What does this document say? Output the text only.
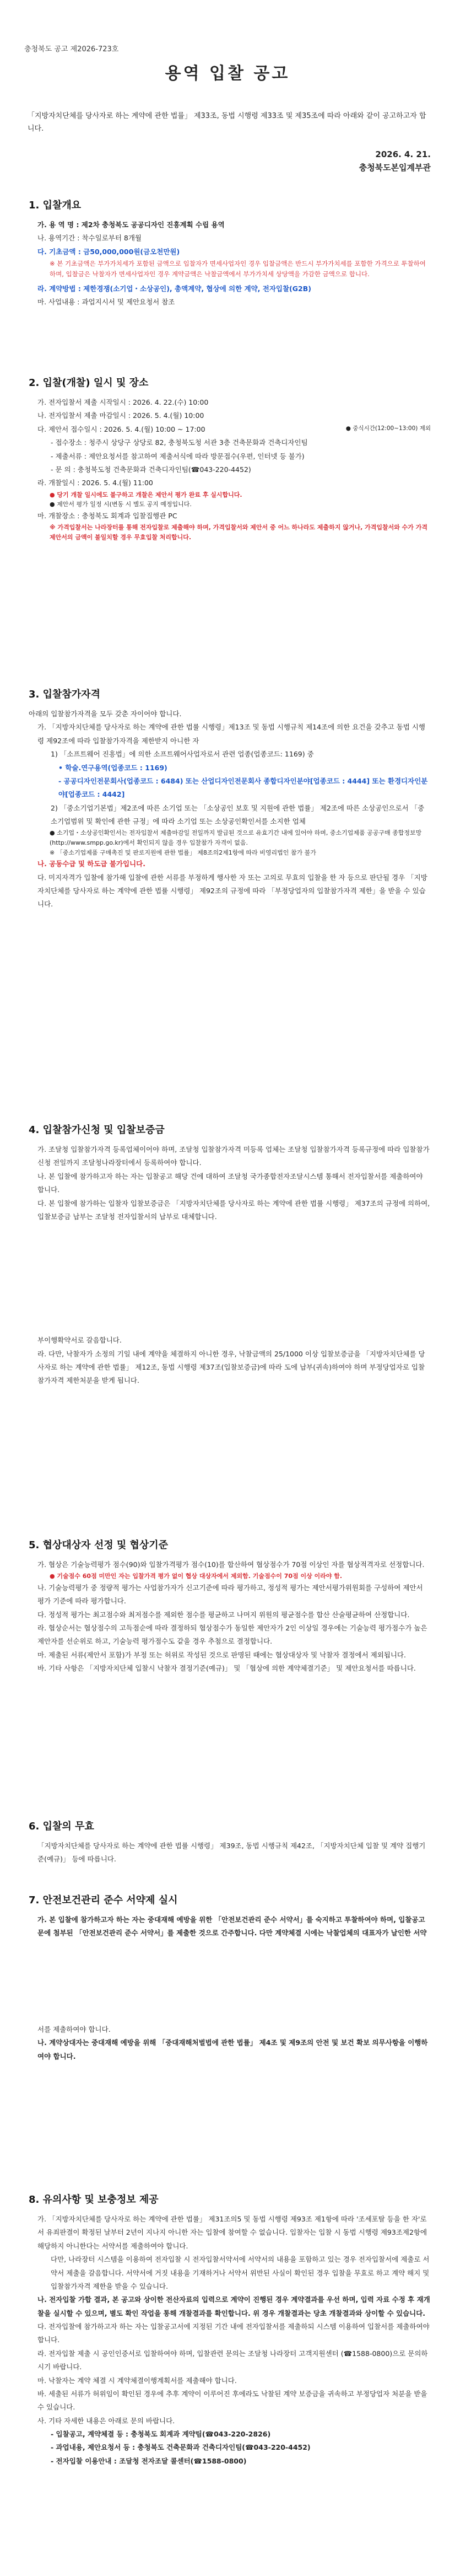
충청북도 공고 제2026-723호
용역 입찰 공고
「지방자치단체를 당사자로 하는 계약에 관한 법률」 제33조, 동법 시행령 제33조 및 제35조에 따라 아래와 같이 공고하고자 합니다.
2026. 4. 21.
충청북도본입계부관
1. 입찰개요
가. 용 역 명 : 제2차 충청북도 공공디자인 진흥계획 수립 용역
나. 용역기간 : 착수일로부터 8개월
다. 기초금액 : 금50,000,000원(금오천만원)
※ 본 기초금액은 부가가치세가 포함된 금액으로 입찰자가 면세사업자인 경우 입찰금액은 반드시 부가가치세를 포함한 가격으로 투찰하여 하며, 입찰금은 낙찰자가 면세사업자인 경우 계약금액은 낙찰금액에서 부가가치세 상당액을 가감한 금액으로 합니다.
라. 계약방법 : 제한경쟁(소기업・소상공인), 총액계약, 협상에 의한 계약, 전자입찰(G2B)
마. 사업내용 : 과업지시서 및 제안요청서 참조
2. 입찰(개찰) 일시 및 장소
가. 전자입찰서 제출 시작일시 : 2026. 4. 22.(수) 10:00
나. 전자입찰서 제출 마감일시 : 2026. 5. 4.(월) 10:00
다. 제안서 접수일시 : 2026. 5. 4.(월) 10:00 ~ 17:00	● 중식시간(12:00~13:00) 제외
- 접수장소 : 청주시 상당구 상당로 82, 충청북도청 서관 3층 건축문화과 건축디자인팀
- 제출서류 : 제안요청서를 참고하여 제출서식에 따라 방문접수(우편, 인터넷 등 불가)
- 문 의 : 충청북도청 건축문화과 건축디자인팀(☎043-220-4452)
라. 개찰일시 : 2026. 5. 4.(월) 11:00
● 당기 개찰 일시에도 불구하고 개찰은 제안서 평가 완료 후 실시합니다.
● 제안서 평가 일정 시(변동 시 별도 공지 예정입니다.
마. 개찰장소 : 충청북도 회계과 입찰집행관 PC
※ 가격입찰서는 나라장터를 통해 전자입찰로 제출해야 하며, 가격입찰서와 제안서 중 어느 하나라도 제출하지 않거나, 가격입찰서와 수가 가격제안서의 금액이 불일치할 경우 무효입찰 처리합니다.
3. 입찰참가자격
아래의 입찰참가자격을 모두 갖춘 자이어야 합니다.
가. 「지방자치단체를 당사자로 하는 계약에 관한 법률 시행령」제13조 및 동법 시행규칙 제14조에 의한 요건을 갖추고 동법 시행령 제92조에 따라 입찰참가자격을 제한받지 아니한 자
1) 「소프트웨어 진흥법」에 의한 소프트웨어사업자로서 관련 업종(업종코드: 1169) 중
• 학술.연구용역(업종코드 : 1169)
- 공공디자인전문회사(업종코드 : 6484) 또는 산업디자인전문회사 종합디자인분야[업종코드 : 4444] 또는 환경디자인분야[업종코드 : 4442]
2) 「중소기업기본법」제2조에 따른 소기업 또는 「소상공인 보호 및 지원에 관한 법률」 제2조에 따른 소상공인으로서 「중소기업범위 및 확인에 관한 규정」에 따라 소기업 또는 소상공인확인서를 소지한 업체
● 소기업・소상공인확인서는 전자입찰서 제출마감일 전일까지 발급된 것으로 유효기간 내에 있어야 하며, 중소기업제품 공공구매 종합정보망(http://www.smpp.go.kr)에서 확인되지 않을 경우 입찰참가 자격이 없음.
※ 「중소기업제품 구매촉진 및 판로지원에 관한 법률」 제8조의2제1항에 따라 비영리법인 참가 불가
나. 공동수급 및 하도급 불가입니다.
다. 미지자격가 입찰에 참가해 입찰에 관한 서류를 부정하게 행사한 자 또는 고의로 무효의 입찰을 한 자 등으로 판단될 경우 「지방자치단체를 당사자로 하는 계약에 관한 법률 시행령」 제92조의 규정에 따라 「부정당업자의 입찰참가자격 제한」을 받을 수 있습니다.
4. 입찰참가신청 및 입찰보증금
가. 조달청 입찰참가자격 등록업체이어야 하며, 조달청 입찰참가자격 미등록 업체는 조달청 입찰참가자격 등록규정에 따라 입찰참가신청 전일까지 조달청나라장터에서 등록하여야 합니다.
나. 본 입찰에 참가하고자 하는 자는 입찰공고 해당 건에 대하여 조달청 국가종합전자조달시스템 통해서 전자입찰서를 제출하여야 합니다.
다. 본 입찰에 참가하는 입찰자 입찰보증금은 「지방자치단체를 당사자로 하는 계약에 관한 법률 시행령」 제37조의 규정에 의하여, 입찰보증금 납부는 조달청 전자입찰서의 납부로 대체합니다.
부이행확약서로 갈음합니다.
라. 다만, 낙찰자가 소정의 기일 내에 계약을 체결하지 아니한 경우, 낙찰금액의 25/1000 이상 입찰보증금을 「지방자치단체를 당사자로 하는 계약에 관한 법률」 제12조, 동법 시행령 제37조(입찰보증금)에 따라 도에 납부(귀속)하여야 하며 부정당업자로 입찰참가자격 제한처분을 받게 됩니다.
5. 협상대상자 선정 및 협상기준
가. 협상은 기술능력평가 점수(90)와 입찰가격평가 점수(10)를 합산하여 협상점수가 70점 이상인 자를 협상적격자로 선정합니다.
● 기술점수 60점 미만인 자는 입찰가격 평가 없이 협상 대상자에서 제외함. 기술점수이 70점 이상 이라야 함.
나. 기술능력평가 중 정량적 평가는 사업참가자가 신고기준에 따라 평가하고, 정성적 평가는 제안서평가위원회를 구성하여 제안서 평가 기준에 따라 평가합니다.
다. 정성적 평가는 최고점수와 최저점수를 제외한 점수를 평균하고 나머지 위원의 평균점수를 합산 산술평균하여 산정합니다.
라. 협상순서는 협상점수의 고득점순에 따라 결정하되 협상점수가 동일한 제안자가 2인 이상일 경우에는 기술능력 평가점수가 높은 제안자를 선순위로 하고, 기술능력 평가점수도 같을 경우 추첨으로 결정합니다.
마. 제출된 서류(제안서 포함)가 부정 또는 허위로 작성된 것으로 판명된 때에는 협상대상자 및 낙찰자 결정에서 제외됩니다.
바. 기타 사항은 「지방자치단체 입찰시 낙찰자 결정기준(예규)」 및 「협상에 의한 계약체결기준」 및 제안요청서를 따릅니다.
6. 입찰의 무효
「지방자치단체를 당사자로 하는 계약에 관한 법률 시행령」 제39조, 동법 시행규칙 제42조, 「지방자치단체 입찰 및 계약 집행기준(예규)」 등에 따릅니다.
7. 안전보건관리 준수 서약제 실시
가. 본 입찰에 참가하고자 하는 자는 중대재해 예방을 위한 「안전보건관리 준수 서약서」를 숙지하고 투찰하여야 하며, 입찰공고문에 첨부된 「안전보건관리 준수 서약서」를 제출한 것으로 간주합니다. 다만 계약체결 시에는 낙찰업체의 대표자가 날인한 서약
서를 제출하여야 합니다.
나. 계약상대자는 중대재해 예방을 위해 「중대재해처벌법에 관한 법률」 제4조 및 제9조의 안전 및 보건 확보 의무사항을 이행하여야 합니다.
8. 유의사항 및 보충정보 제공
가. 「지방자치단체를 당사자로 하는 계약에 관한 법률」 제31조의5 및 동법 시행령 제93조 제1항에 따라 '조세포탈 등을 한 자'로서 유죄판결이 확정된 날부터 2년이 지나지 아니한 자는 입찰에 참여할 수 없습니다. 입찰자는 입찰 시 동법 시행령 제93조제2항에 해당하지 아니한다는 서약서를 제출하여야 합니다.
다만, 나라장터 시스템을 이용하여 전자입찰 시 전자입찰서약서에 서약서의 내용을 포함하고 있는 경우 전자입찰서에 제출로 서약서 제출을 갈음합니다. 서약서에 거짓 내용을 기재하거나 서약서 위반된 사실이 확인된 경우 입찰을 무효로 하고 계약 해지 및 입찰참가자격 제한을 받을 수 있습니다.
나. 전자입찰 가합 결과, 본 공고와 상이한 전산자료의 입력으로 계약이 진행된 경우 계약결과를 우선 하며, 입력 자료 수정 후 재개찰을 실시할 수 있으며, 별도 확인 작업을 통해 개찰결과를 확인합니다. 위 경우 개찰결과는 당초 개찰결과와 상이할 수 있습니다.
다. 전자입찰에 참가하고자 하는 자는 입찰공고서에 지정된 기간 내에 전자입찰서를 제출하되 시스템 이용하여 입찰서를 제출하여야 합니다.
라. 전자입찰 제출 시 공인인증서로 입찰하여야 하며, 입찰관련 문의는 조달청 나라장터 고객지원센터 (☎1588-0800)으로 문의하시기 바랍니다.
마. 낙찰자는 계약 체결 시 계약체결이행계획서를 제출해야 합니다.
바. 세출된 서류가 허위임이 확인된 경우에 추후 계약이 이루어진 후에라도 낙찰된 계약 보증금을 귀속하고 부정당업자 처분을 받을 수 있습니다.
사. 기타 자세한 내용은 아래로 문의 바랍니다.
- 입찰공고, 계약체결 등 : 충청북도 회계과 계약팀(☎043-220-2826)
- 과업내용, 제안요청서 등 : 충청북도 건축문화과 건축디자인팀(☎043-220-4452)
- 전자입찰 이용안내 : 조달청 전자조달 콜센터(☎1588-0800)
